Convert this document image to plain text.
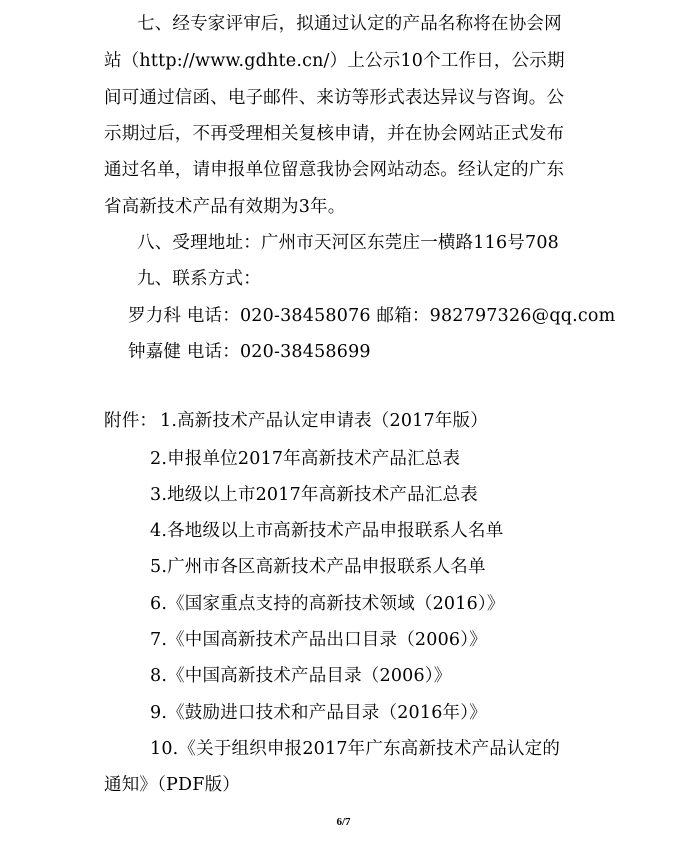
七、经专家评审后，拟通过认定的产品名称将在协会网
站（http://www.gdhte.cn/）上公示10个工作日，公示期
间可通过信函、电子邮件、来访等形式表达异议与咨询。公
示期过后，不再受理相关复核申请，并在协会网站正式发布
通过名单，请申报单位留意我协会网站动态。经认定的广东
省高新技术产品有效期为3年。
八、受理地址：广州市天河区东莞庄一横路116号708
九、联系方式：
罗力科 电话：020-38458076 邮箱：982797326@qq.com
钟嘉健 电话：020-38458699
附件： 1.高新技术产品认定申请表（2017年版）
2.申报单位2017年高新技术产品汇总表
3.地级以上市2017年高新技术产品汇总表
4.各地级以上市高新技术产品申报联系人名单
5.广州市各区高新技术产品申报联系人名单
6.《国家重点支持的高新技术领域（2016）》
7.《中国高新技术产品出口目录（2006）》
8.《中国高新技术产品目录（2006）》
9.《鼓励进口技术和产品目录（2016年）》
10.《关于组织申报2017年广东高新技术产品认定的
通知》（PDF版）
6/7
